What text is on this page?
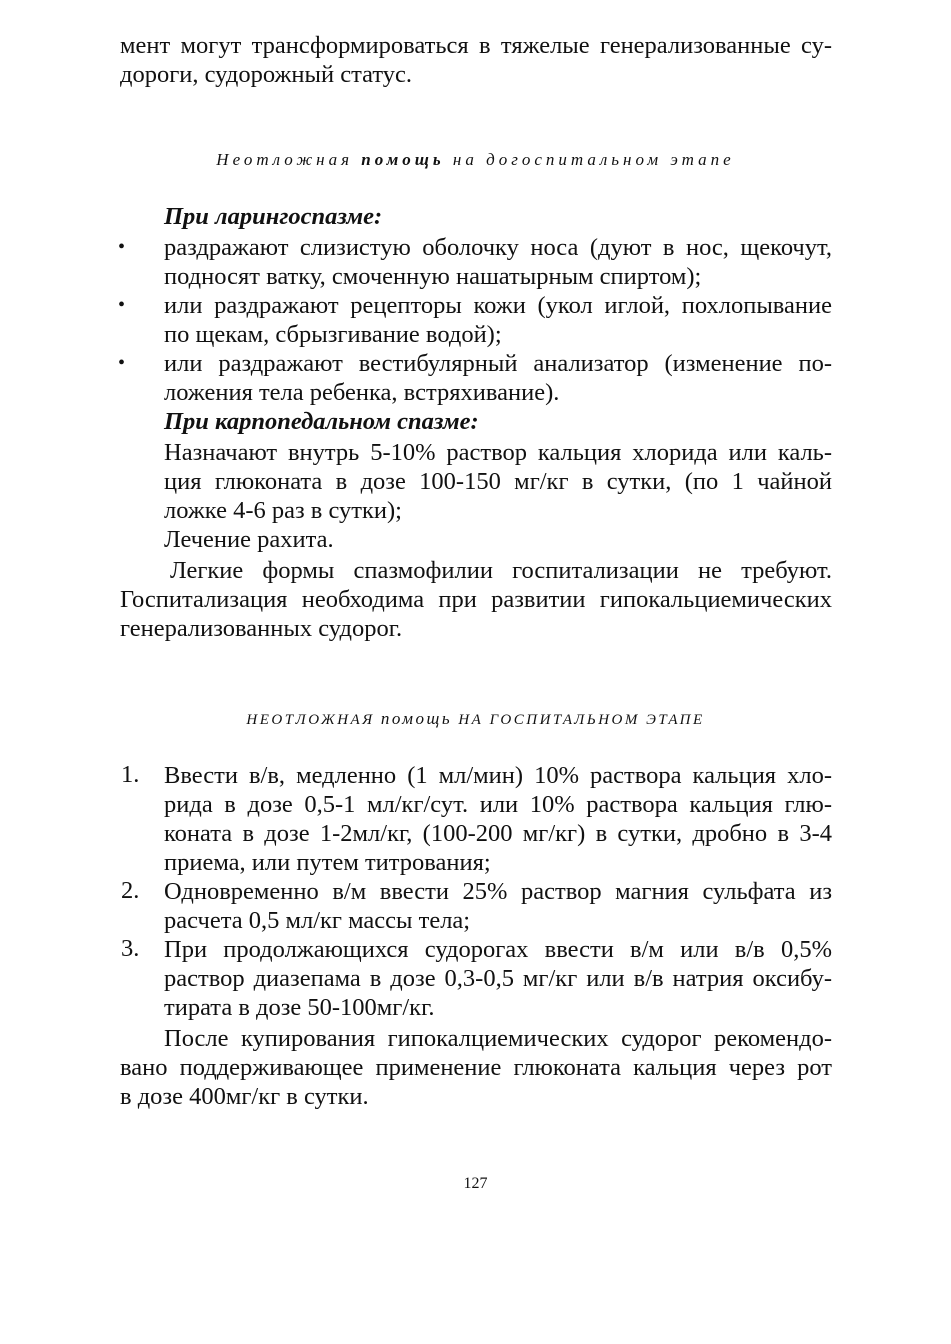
мент могут трансформироваться в тяжелые генерализованные су-
дороги, судорожный статус.
Неотложная помощь на догоспитальном этапе
При ларингоспазме:
• раздражают слизистую оболочку носа (дуют в нос, щекочут,
подносят ватку, смоченную нашатырным спиртом);
• или раздражают рецепторы кожи (укол иглой, похлопывание
по щекам, сбрызгивание водой);
• или раздражают вестибулярный анализатор (изменение по-
ложения тела ребенка, встряхивание).
При карпопедальном спазме:
Назначают внутрь 5-10% раствор кальция хлорида или каль-
ция глюконата в дозе 100-150 мг/кг в сутки, (по 1 чайной
ложке 4-6 раз в сутки);
Лечение рахита.
Легкие формы спазмофилии госпитализации не требуют.
Госпитализация необходима при развитии гипокальциемических
генерализованных судорог.
НЕОТЛОЖНАЯ помощь НА ГОСПИТАЛЬНОМ ЭТАПЕ
1. Ввести в/в, медленно (1 мл/мин) 10% раствора кальция хло-
рида в дозе 0,5-1 мл/кг/сут. или 10% раствора кальция глю-
коната в дозе 1-2мл/кг, (100-200 мг/кг) в сутки, дробно в 3-4
приема, или путем титрования;
2. Одновременно в/м ввести 25% раствор магния сульфата из
расчета 0,5 мл/кг массы тела;
3. При продолжающихся судорогах ввести в/м или в/в 0,5%
раствор диазепама в дозе 0,3-0,5 мг/кг или в/в натрия оксибу-
тирата в дозе 50-100мг/кг.
После купирования гипокалциемических судорог рекомендо-
вано поддерживающее применение глюконата кальция через рот
в дозе 400мг/кг в сутки.
127
